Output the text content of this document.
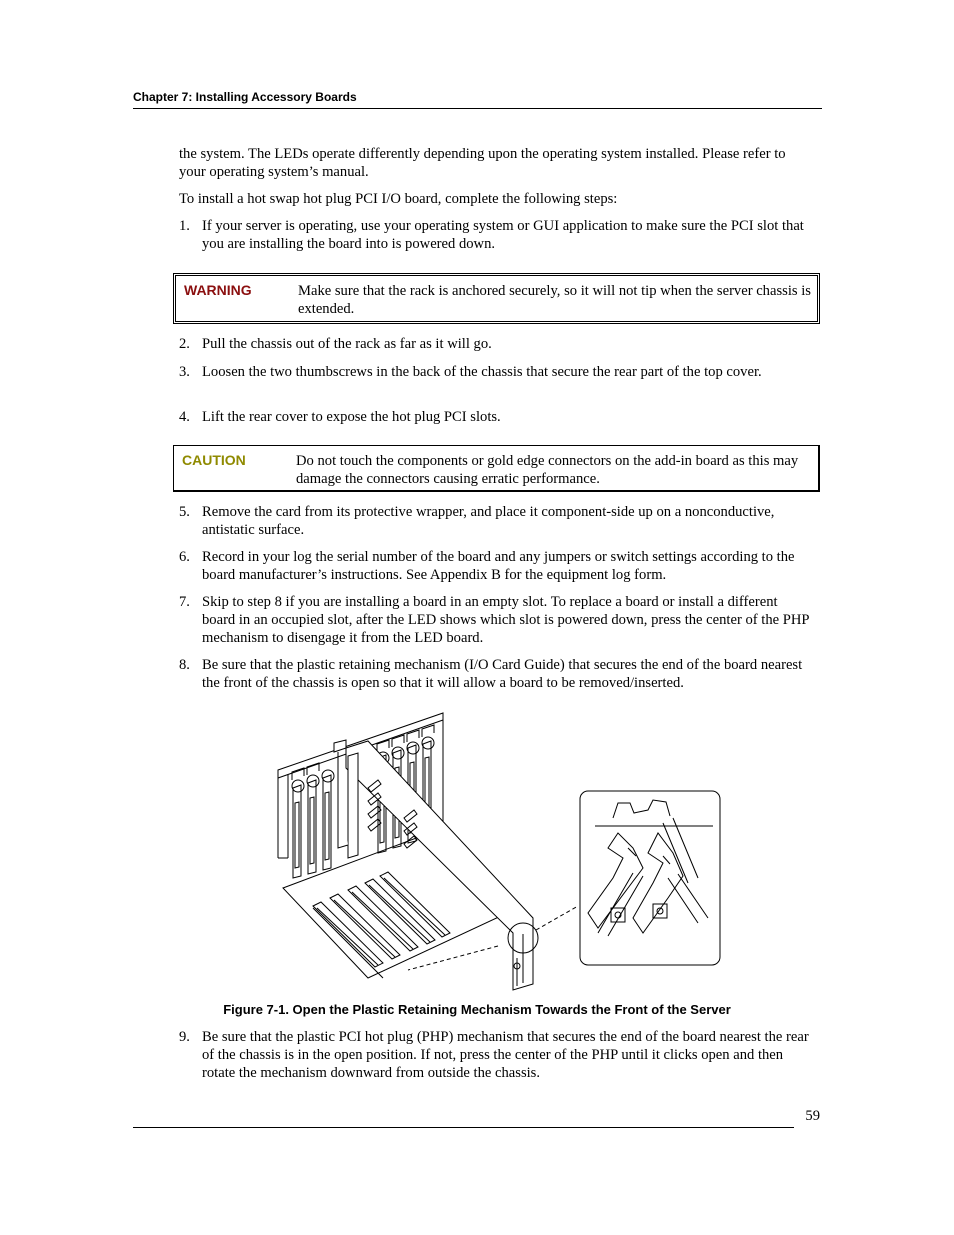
Chapter 7: Installing Accessory Boards
the system. The LEDs operate differently depending upon the operating system installed. Please refer to your operating system’s manual.
To install a hot swap hot plug PCI I/O board, complete the following steps:
1. If your server is operating, use your operating system or GUI application to make sure the PCI slot that you are installing the board into is powered down.
WARNING	Make sure that the rack is anchored securely, so it will not tip when the server chassis is extended.
2. Pull the chassis out of the rack as far as it will go.
3. Loosen the two thumbscrews in the back of the chassis that secure the rear part of the top cover.
4. Lift the rear cover to expose the hot plug PCI slots.
CAUTION	Do not touch the components or gold edge connectors on the add-in board as this may damage the connectors causing erratic performance.
5. Remove the card from its protective wrapper, and place it component-side up on a nonconductive, antistatic surface.
6. Record in your log the serial number of the board and any jumpers or switch settings according to the board manufacturer’s instructions. See Appendix B for the equipment log form.
7. Skip to step 8 if you are installing a board in an empty slot. To replace a board or install a different board in an occupied slot, after the LED shows which slot is powered down, press the center of the PHP mechanism to disengage it from the LED board.
8. Be sure that the plastic retaining mechanism (I/O Card Guide) that secures the end of the board nearest the front of the chassis is open so that it will allow a board to be removed/inserted.
Figure 7-1. Open the Plastic Retaining Mechanism Towards the Front of the Server
9. Be sure that the plastic PCI hot plug (PHP) mechanism that secures the end of the board nearest the rear of the chassis is in the open position. If not, press the center of the PHP until it clicks open and then rotate the mechanism downward from outside the chassis.
59
